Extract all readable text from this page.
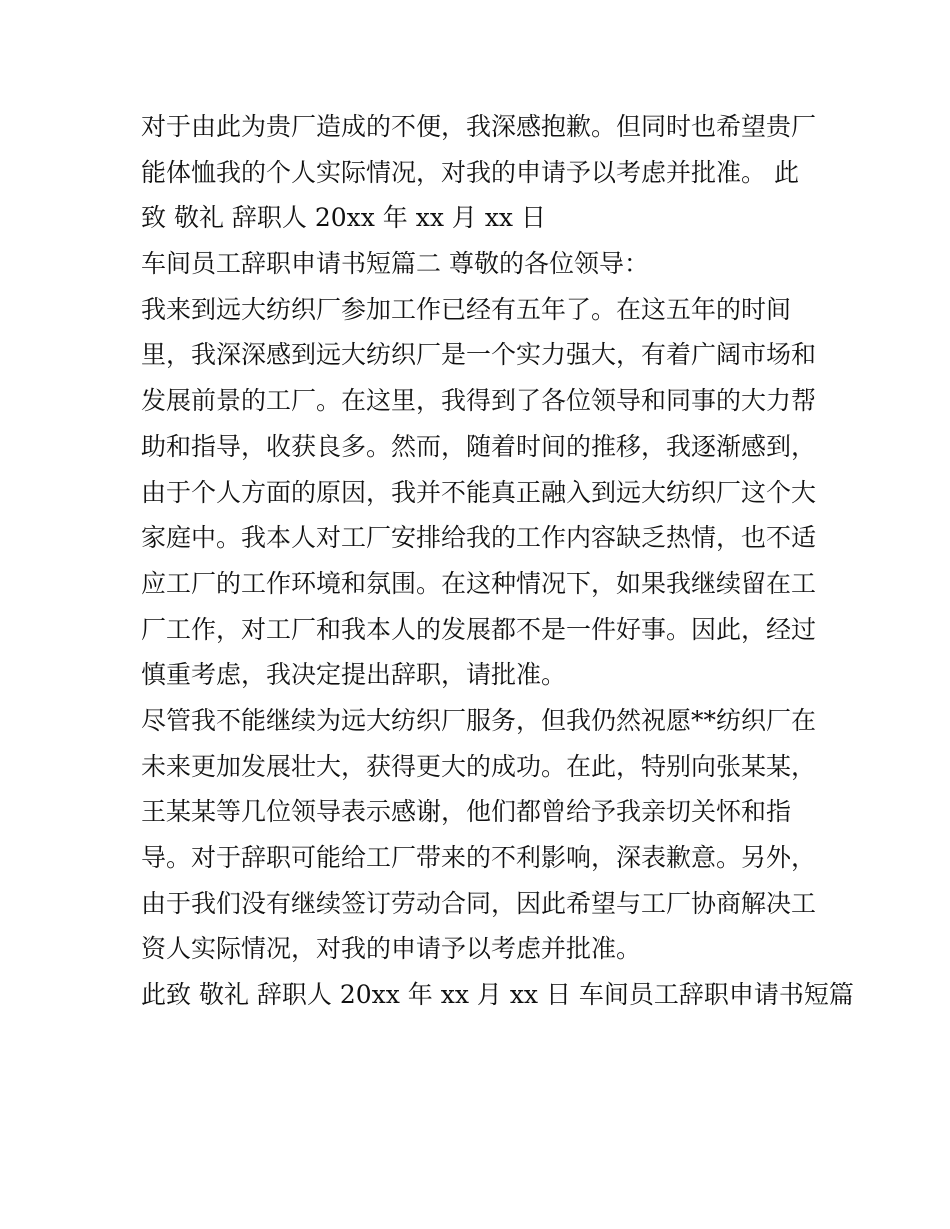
对于由此为贵厂造成的不便，我深感抱歉。但同时也希望贵厂
能体恤我的个人实际情况，对我的申请予以考虑并批准。 此
致 敬礼 辞职人 20xx 年 xx 月 xx 日
车间员工辞职申请书短篇二 尊敬的各位领导：
我来到远大纺织厂参加工作已经有五年了。在这五年的时间
里，我深深感到远大纺织厂是一个实力强大，有着广阔市场和
发展前景的工厂。在这里，我得到了各位领导和同事的大力帮
助和指导，收获良多。然而，随着时间的推移，我逐渐感到，
由于个人方面的原因，我并不能真正融入到远大纺织厂这个大
家庭中。我本人对工厂安排给我的工作内容缺乏热情，也不适
应工厂的工作环境和氛围。在这种情况下，如果我继续留在工
厂工作，对工厂和我本人的发展都不是一件好事。因此，经过
慎重考虑，我决定提出辞职，请批准。
尽管我不能继续为远大纺织厂服务，但我仍然祝愿**纺织厂在
未来更加发展壮大，获得更大的成功。在此，特别向张某某，
王某某等几位领导表示感谢，他们都曾给予我亲切关怀和指
导。对于辞职可能给工厂带来的不利影响，深表歉意。另外，
由于我们没有继续签订劳动合同，因此希望与工厂协商解决工
资人实际情况，对我的申请予以考虑并批准。
此致 敬礼 辞职人 20xx 年 xx 月 xx 日 车间员工辞职申请书短篇
